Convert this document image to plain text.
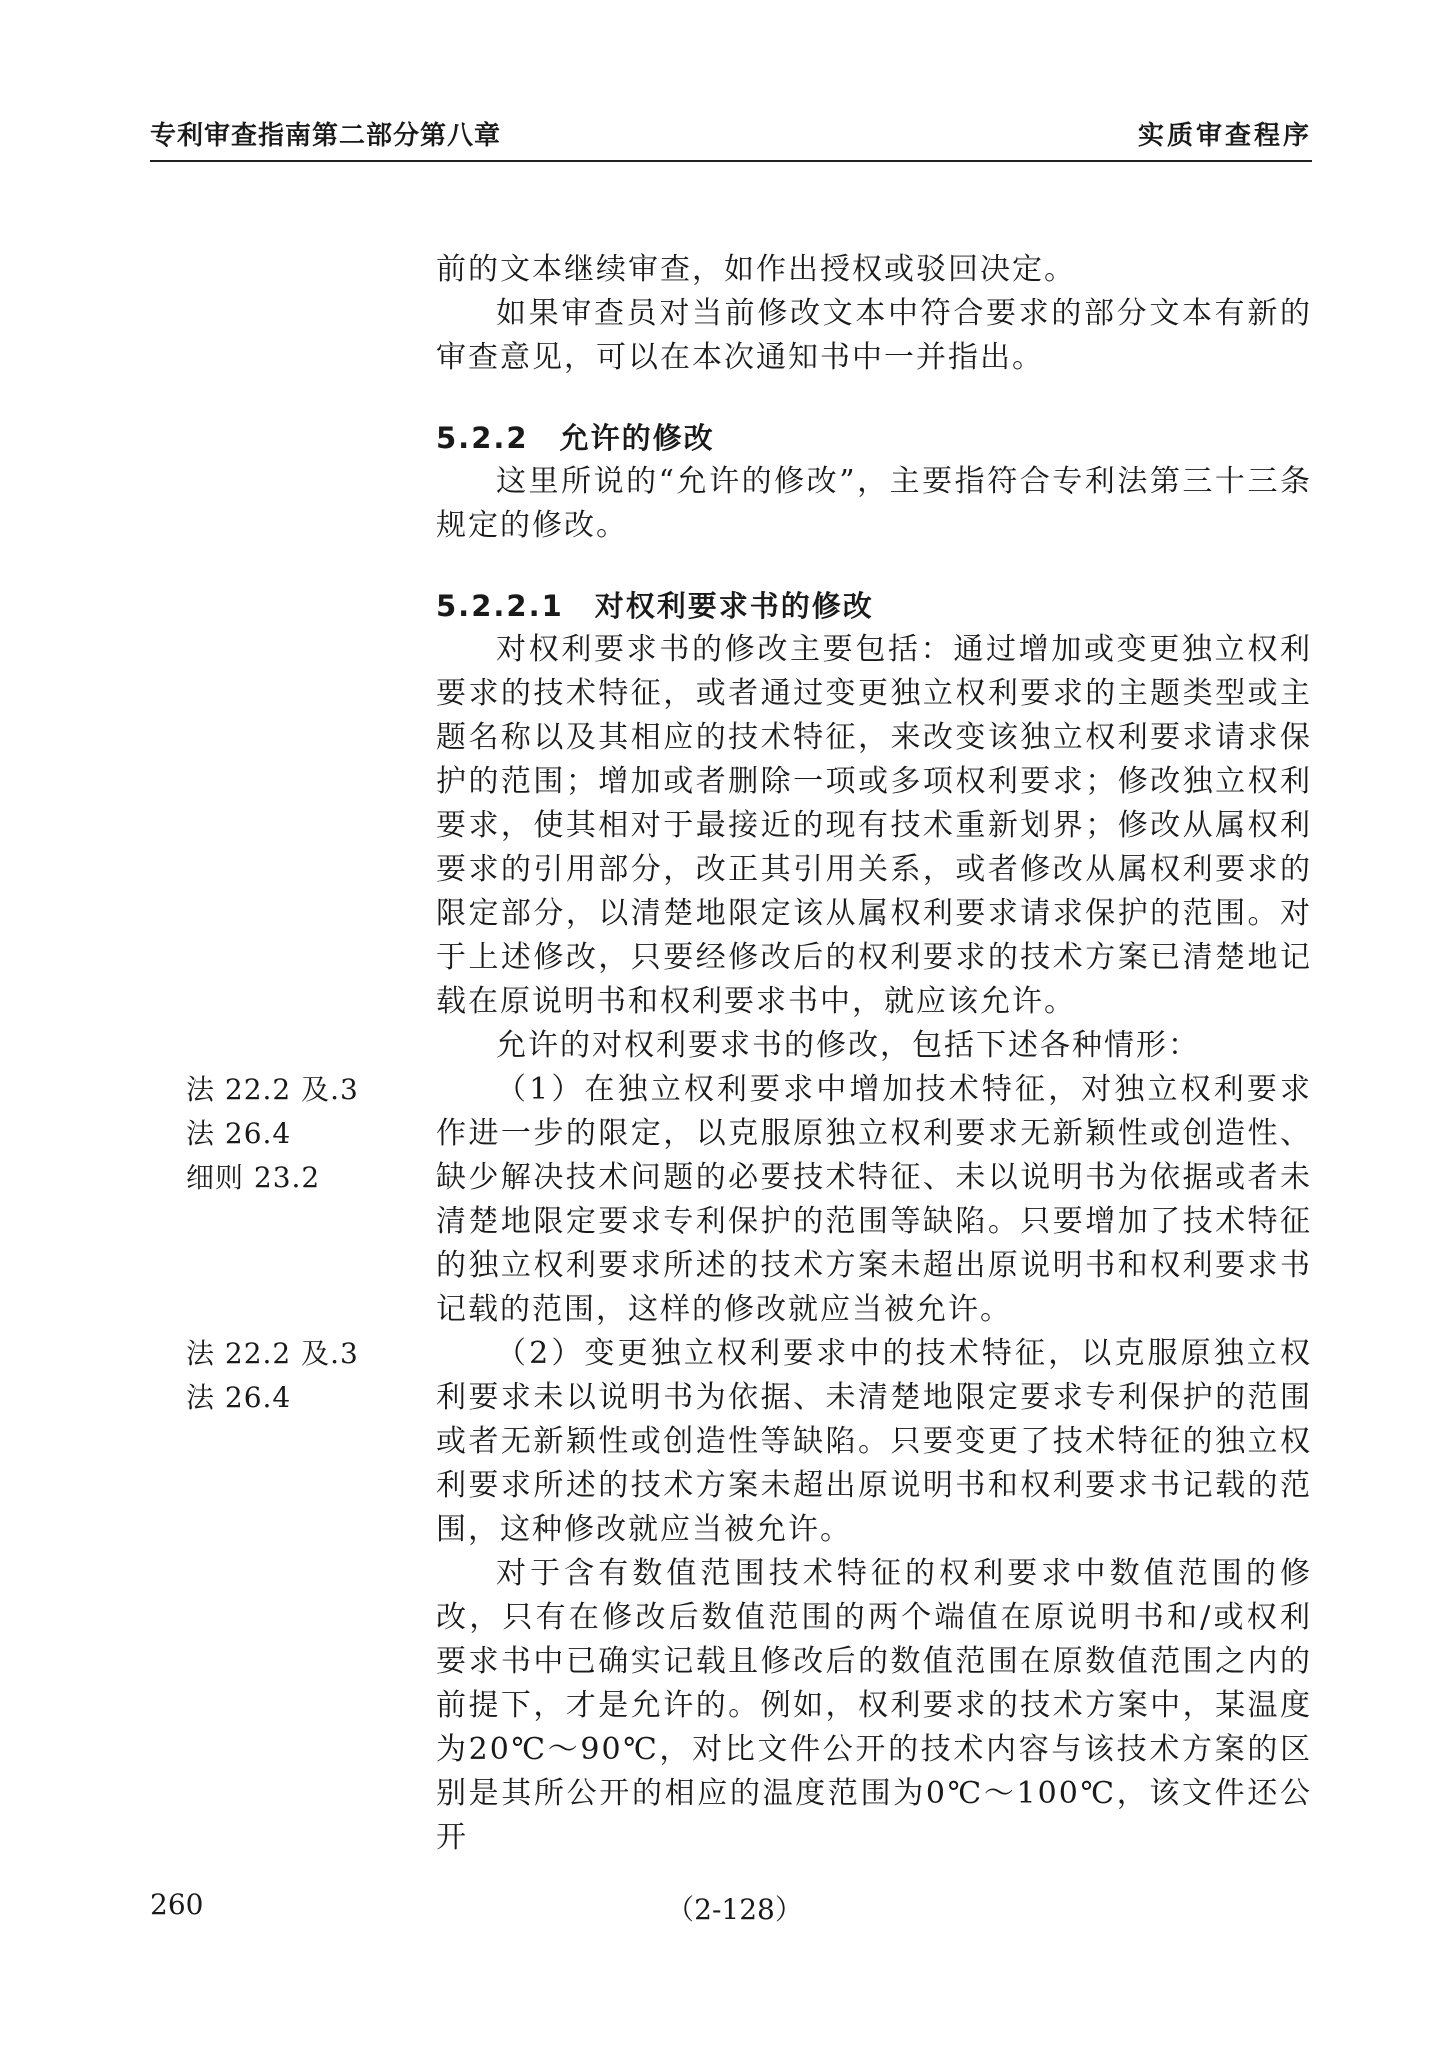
专利审查指南第二部分第八章	实质审查程序

前的文本继续审查，如作出授权或驳回决定。

如果审查员对当前修改文本中符合要求的部分文本有新的审查意见，可以在本次通知书中一并指出。

5.2.2　允许的修改

这里所说的“允许的修改”，主要指符合专利法第三十三条规定的修改。

5.2.2.1　对权利要求书的修改

对权利要求书的修改主要包括：通过增加或变更独立权利要求的技术特征，或者通过变更独立权利要求的主题类型或主题名称以及其相应的技术特征，来改变该独立权利要求请求保护的范围；增加或者删除一项或多项权利要求；修改独立权利要求，使其相对于最接近的现有技术重新划界；修改从属权利要求的引用部分，改正其引用关系，或者修改从属权利要求的限定部分，以清楚地限定该从属权利要求请求保护的范围。对于上述修改，只要经修改后的权利要求的技术方案已清楚地记载在原说明书和权利要求书中，就应该允许。

允许的对权利要求书的修改，包括下述各种情形：

（1）在独立权利要求中增加技术特征，对独立权利要求作进一步的限定，以克服原独立权利要求无新颖性或创造性、缺少解决技术问题的必要技术特征、未以说明书为依据或者未清楚地限定要求专利保护的范围等缺陷。只要增加了技术特征的独立权利要求所述的技术方案未超出原说明书和权利要求书记载的范围，这样的修改就应当被允许。

（2）变更独立权利要求中的技术特征，以克服原独立权利要求未以说明书为依据、未清楚地限定要求专利保护的范围或者无新颖性或创造性等缺陷。只要变更了技术特征的独立权利要求所述的技术方案未超出原说明书和权利要求书记载的范围，这种修改就应当被允许。

对于含有数值范围技术特征的权利要求中数值范围的修改，只有在修改后数值范围的两个端值在原说明书和/或权利要求书中已确实记载且修改后的数值范围在原数值范围之内的前提下，才是允许的。例如，权利要求的技术方案中，某温度为20℃～90℃，对比文件公开的技术内容与该技术方案的区别是其所公开的相应的温度范围为0℃～100℃，该文件还公开

法 22.2 及.3
法 26.4
细则 23.2
法 22.2 及.3
法 26.4
260	（2-128）
